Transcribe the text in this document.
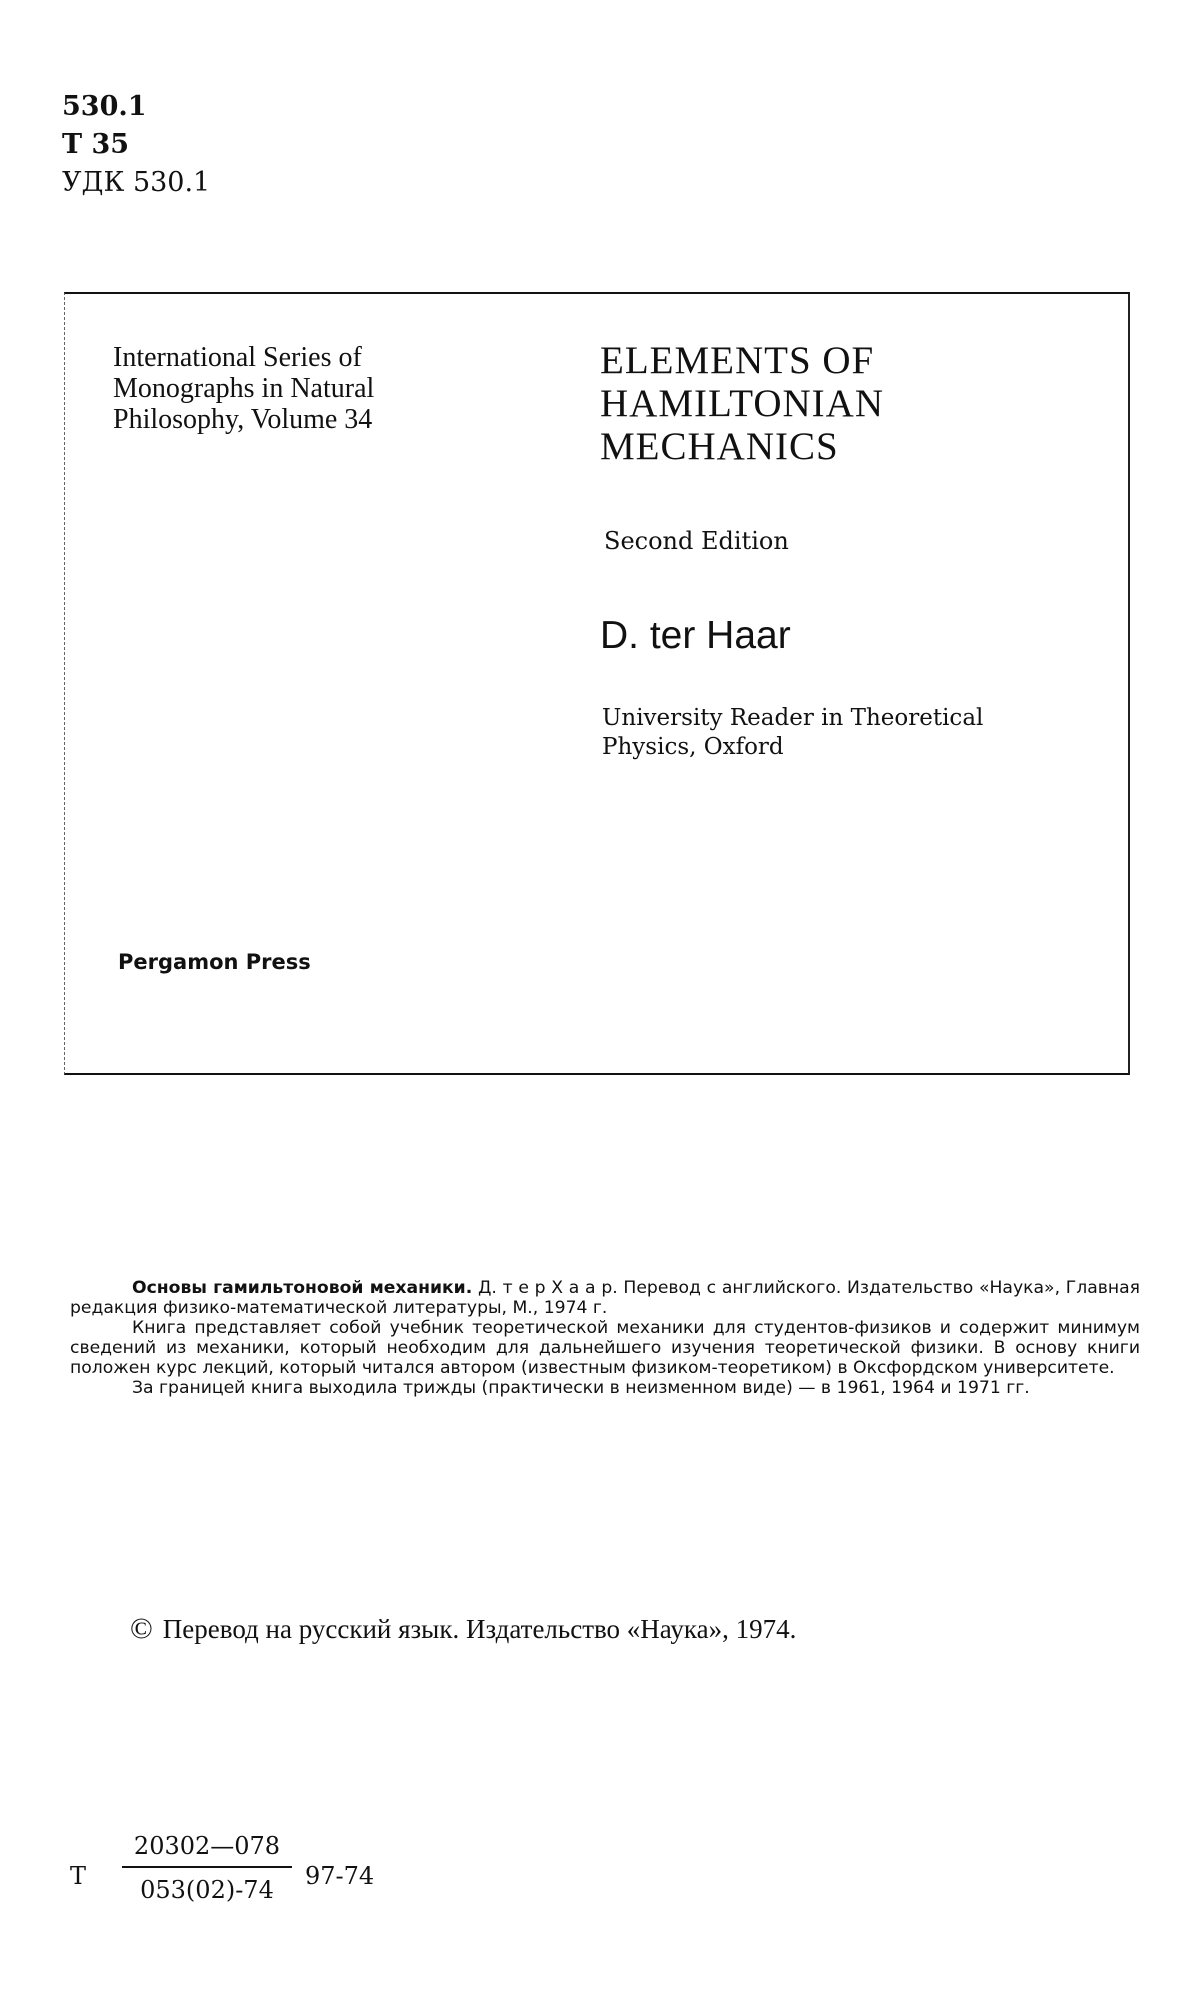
530.1
Т 35
УДК 530.1
International Series of
Monographs in Natural
Philosophy, Volume 34
ELEMENTS OF
HAMILTONIAN
MECHANICS
Second Edition
D. ter Haar
University Reader in Theoretical
Physics, Oxford
Pergamon Press

Основы гамильтоновой механики. Д. т е р Х а а р. Перевод с английского. Издательство «Наука», Главная редакция физико-математической литературы, М., 1974 г.

Книга представляет собой учебник теоретической механики для студентов-физиков и содержит минимум сведений из механики, который необходим для дальнейшего изучения теоретической физики. В основу книги положен курс лекций, который читался автором (известным физиком-теоретиком) в Оксфордском университете.

За границей книга выходила трижды (практически в неизменном виде) — в 1961, 1964 и 1971 гг.

© Перевод на русский язык. Издательство «Наука», 1974.
Т $\frac{20302—078}{053(02)-74} 97-74$
